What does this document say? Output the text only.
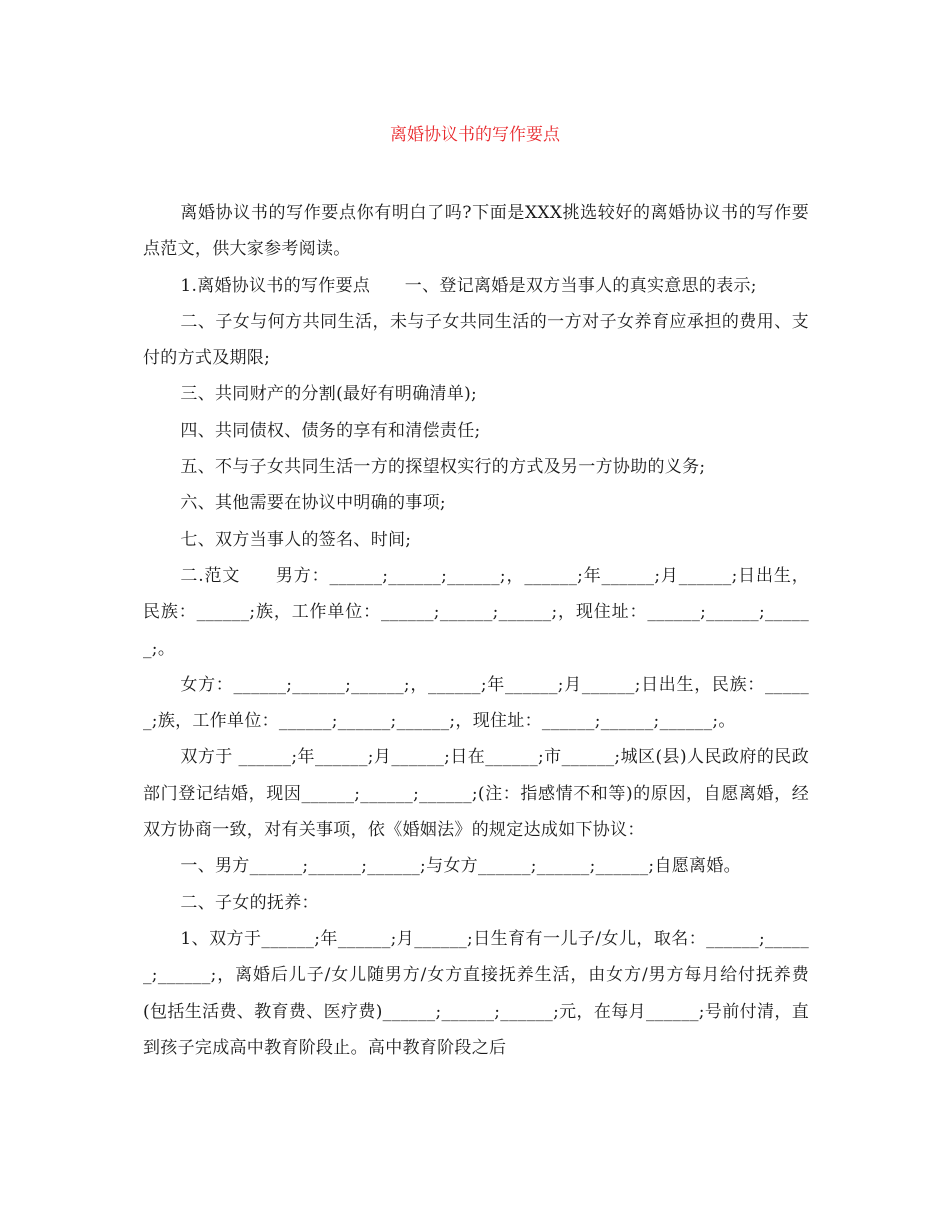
离婚协议书的写作要点

离婚协议书的写作要点你有明白了吗?下面是XXX挑选较好的离婚协议书的写作要点范文，供大家参考阅读。

1.离婚协议书的写作要点　　一、登记离婚是双方当事人的真实意思的表示;

二、子女与何方共同生活，未与子女共同生活的一方对子女养育应承担的费用、支付的方式及期限;

三、共同财产的分割(最好有明确清单);

四、共同债权、债务的享有和清偿责任;

五、不与子女共同生活一方的探望权实行的方式及另一方协助的义务;

六、其他需要在协议中明确的事项;

七、双方当事人的签名、时间;

二.范文　　男方：______;______;______;，______;年______;月______;日出生，民族：______;族，工作单位：______;______;______;，现住址：______;______;______;。

女方：______;______;______;，______;年______;月______;日出生，民族：______;族，工作单位：______;______;______;，现住址：______;______;______;。

双方于 ______;年______;月______;日在______;市______;城区(县)人民政府的民政部门登记结婚，现因______;______;______;(注：指感情不和等)的原因，自愿离婚，经双方协商一致，对有关事项，依《婚姻法》的规定达成如下协议：

一、男方______;______;______;与女方______;______;______;自愿离婚。

二、子女的抚养：

1、双方于______;年______;月______;日生育有一儿子/女儿，取名：______;______;______;，离婚后儿子/女儿随男方/女方直接抚养生活，由女方/男方每月给付抚养费(包括生活费、教育费、医疗费)______;______;______;元，在每月______;号前付清，直到孩子完成高中教育阶段止。高中教育阶段之后
